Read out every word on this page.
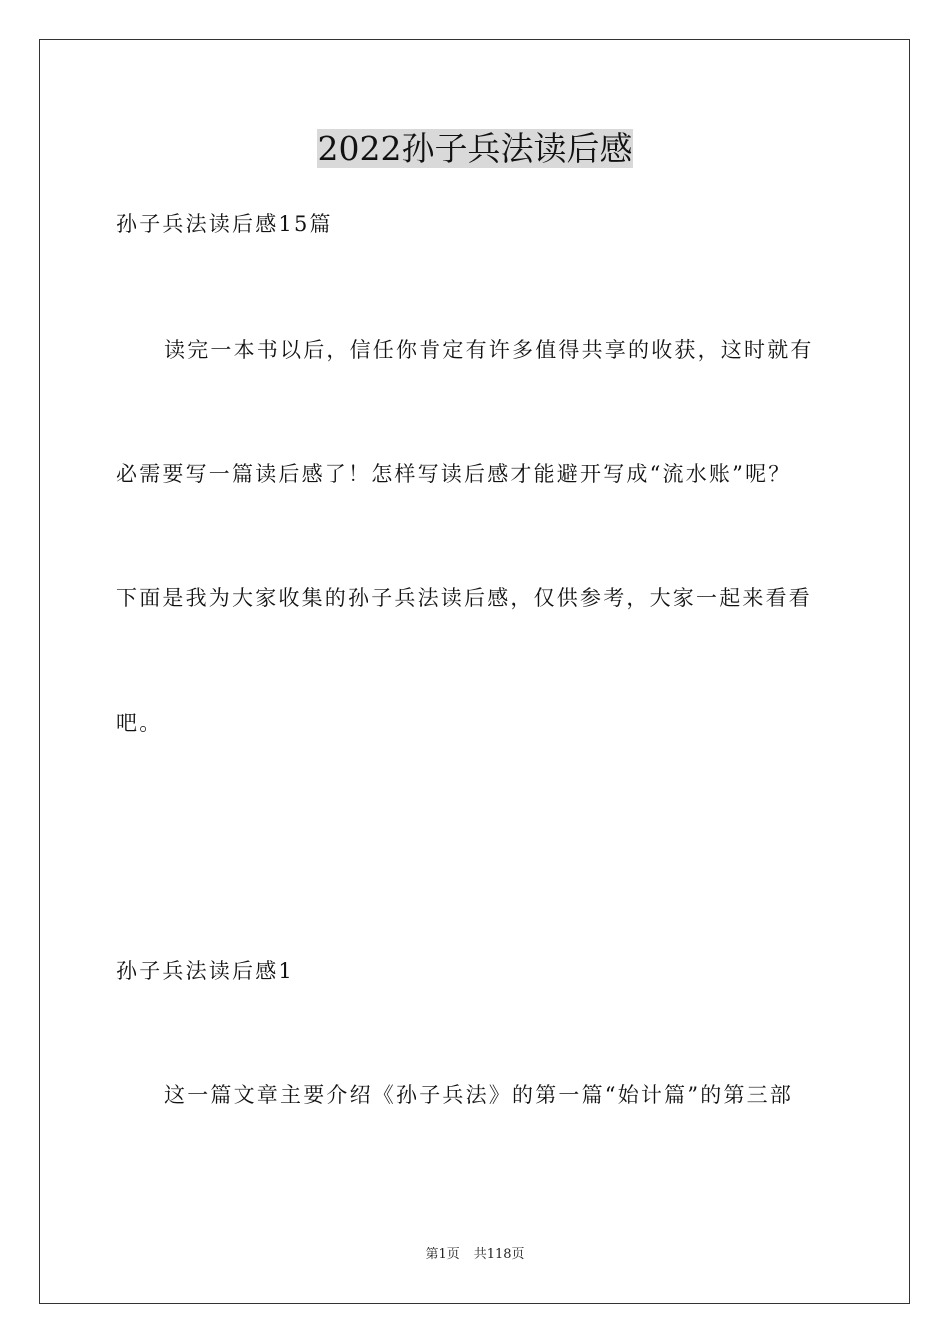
2022孙子兵法读后感
孙子兵法读后感15篇
读完一本书以后，信任你肯定有许多值得共享的收获，这时就有
必需要写一篇读后感了！怎样写读后感才能避开写成“流水账”呢？
下面是我为大家收集的孙子兵法读后感，仅供参考，大家一起来看看
吧。
孙子兵法读后感1
这一篇文章主要介绍《孙子兵法》的第一篇“始计篇”的第三部
第1页 共118页
